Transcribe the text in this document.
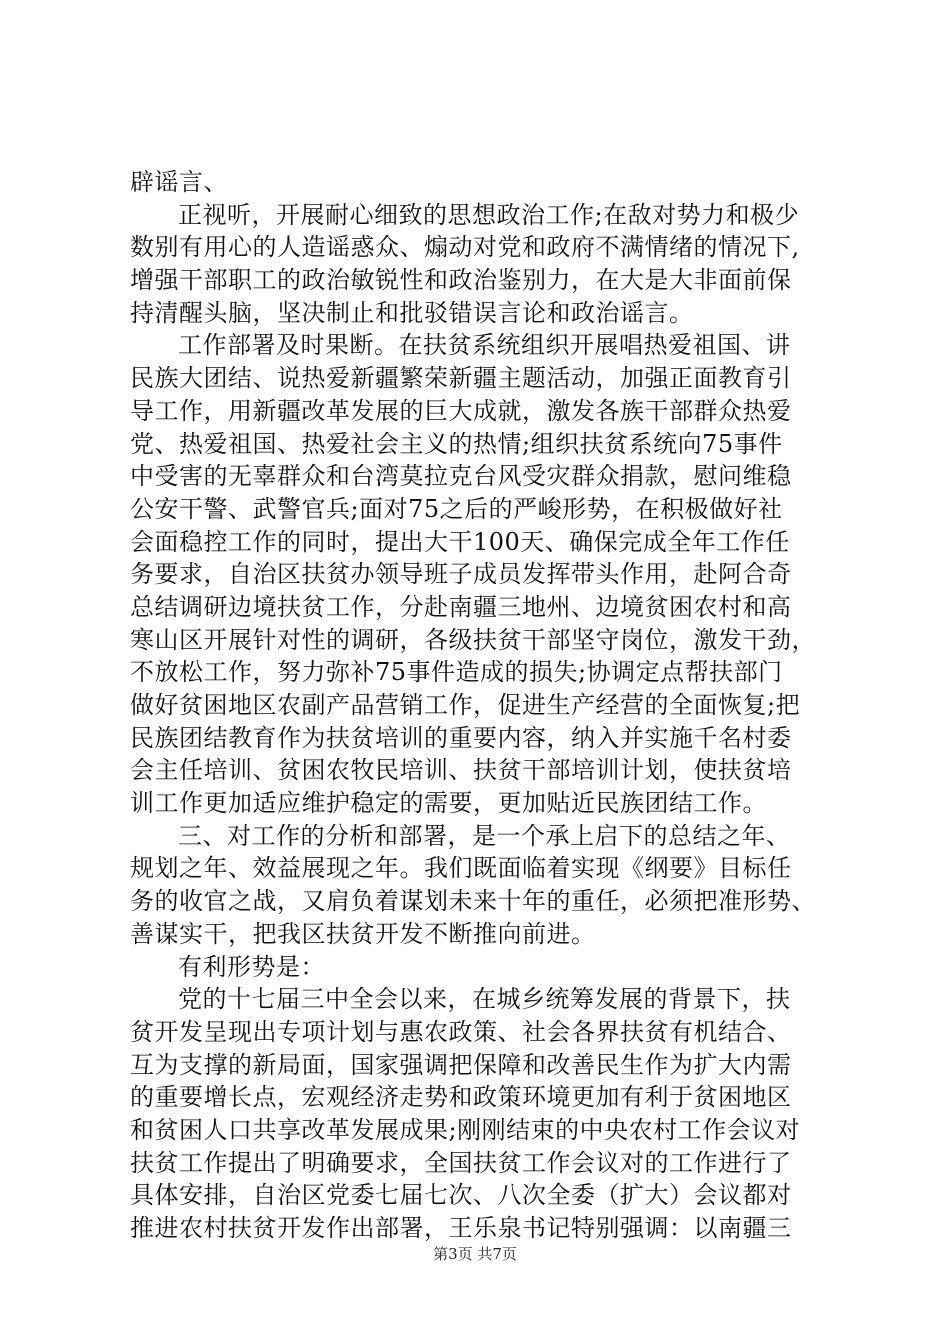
辟谣言、
正视听，开展耐心细致的思想政治工作;在敌对势力和极少
数别有用心的人造谣惑众、煽动对党和政府不满情绪的情况下,
增强干部职工的政治敏锐性和政治鉴别力，在大是大非面前保
持清醒头脑，坚决制止和批驳错误言论和政治谣言。
工作部署及时果断。在扶贫系统组织开展唱热爱祖国、讲
民族大团结、说热爱新疆繁荣新疆主题活动，加强正面教育引
导工作，用新疆改革发展的巨大成就，激发各族干部群众热爱
党、热爱祖国、热爱社会主义的热情;组织扶贫系统向75事件
中受害的无辜群众和台湾莫拉克台风受灾群众捐款，慰问维稳
公安干警、武警官兵;面对75之后的严峻形势，在积极做好社
会面稳控工作的同时，提出大干100天、确保完成全年工作任
务要求，自治区扶贫办领导班子成员发挥带头作用，赴阿合奇
总结调研边境扶贫工作，分赴南疆三地州、边境贫困农村和高
寒山区开展针对性的调研，各级扶贫干部坚守岗位，激发干劲，
不放松工作，努力弥补75事件造成的损失;协调定点帮扶部门
做好贫困地区农副产品营销工作，促进生产经营的全面恢复;把
民族团结教育作为扶贫培训的重要内容，纳入并实施千名村委
会主任培训、贫困农牧民培训、扶贫干部培训计划，使扶贫培
训工作更加适应维护稳定的需要，更加贴近民族团结工作。
三、对工作的分析和部署，是一个承上启下的总结之年、
规划之年、效益展现之年。我们既面临着实现《纲要》目标任
务的收官之战，又肩负着谋划未来十年的重任，必须把准形势、
善谋实干，把我区扶贫开发不断推向前进。
有利形势是：
党的十七届三中全会以来，在城乡统筹发展的背景下，扶
贫开发呈现出专项计划与惠农政策、社会各界扶贫有机结合、
互为支撑的新局面，国家强调把保障和改善民生作为扩大内需
的重要增长点，宏观经济走势和政策环境更加有利于贫困地区
和贫困人口共享改革发展成果;刚刚结束的中央农村工作会议对
扶贫工作提出了明确要求，全国扶贫工作会议对的工作进行了
具体安排，自治区党委七届七次、八次全委（扩大）会议都对
推进农村扶贫开发作出部署，王乐泉书记特别强调：以南疆三
第3页 共7页
